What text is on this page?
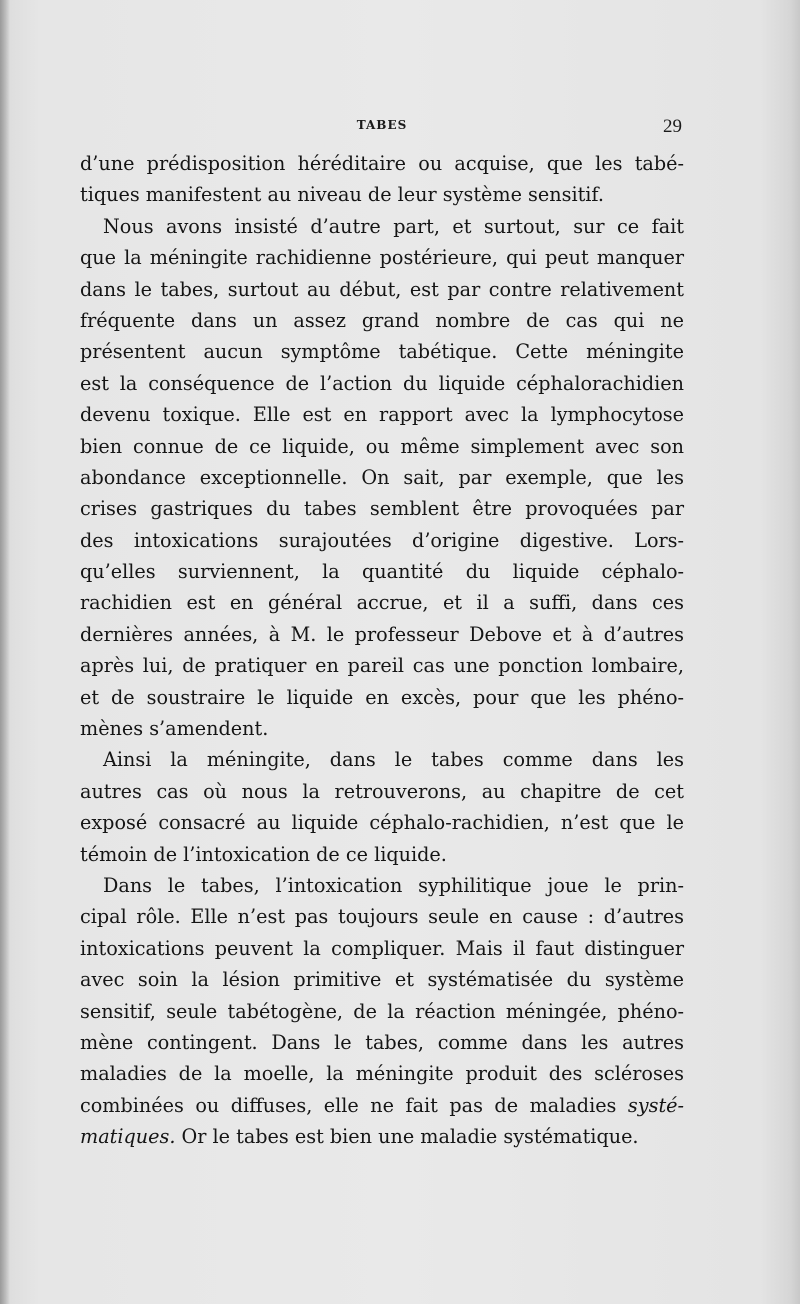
TABES	29
d’une prédisposition héréditaire ou acquise, que les tabé-
tiques manifestent au niveau de leur système sensitif.
Nous avons insisté d’autre part, et surtout, sur ce fait
que la méningite rachidienne postérieure, qui peut manquer
dans le tabes, surtout au début, est par contre relativement
fréquente dans un assez grand nombre de cas qui ne
présentent aucun symptôme tabétique. Cette méningite
est la conséquence de l’action du liquide céphalorachidien
devenu toxique. Elle est en rapport avec la lymphocytose
bien connue de ce liquide, ou même simplement avec son
abondance exceptionnelle. On sait, par exemple, que les
crises gastriques du tabes semblent être provoquées par
des intoxications surajoutées d’origine digestive. Lors-
qu’elles surviennent, la quantité du liquide céphalo-
rachidien est en général accrue, et il a suffi, dans ces
dernières années, à M. le professeur Debove et à d’autres
après lui, de pratiquer en pareil cas une ponction lombaire,
et de soustraire le liquide en excès, pour que les phéno-
mènes s’amendent.
Ainsi la méningite, dans le tabes comme dans les
autres cas où nous la retrouverons, au chapitre de cet
exposé consacré au liquide céphalo-rachidien, n’est que le
témoin de l’intoxication de ce liquide.
Dans le tabes, l’intoxication syphilitique joue le prin-
cipal rôle. Elle n’est pas toujours seule en cause : d’autres
intoxications peuvent la compliquer. Mais il faut distinguer
avec soin la lésion primitive et systématisée du système
sensitif, seule tabétogène, de la réaction méningée, phéno-
mène contingent. Dans le tabes, comme dans les autres
maladies de la moelle, la méningite produit des scléroses
combinées ou diffuses, elle ne fait pas de maladies systé-
matiques. Or le tabes est bien une maladie systématique.
